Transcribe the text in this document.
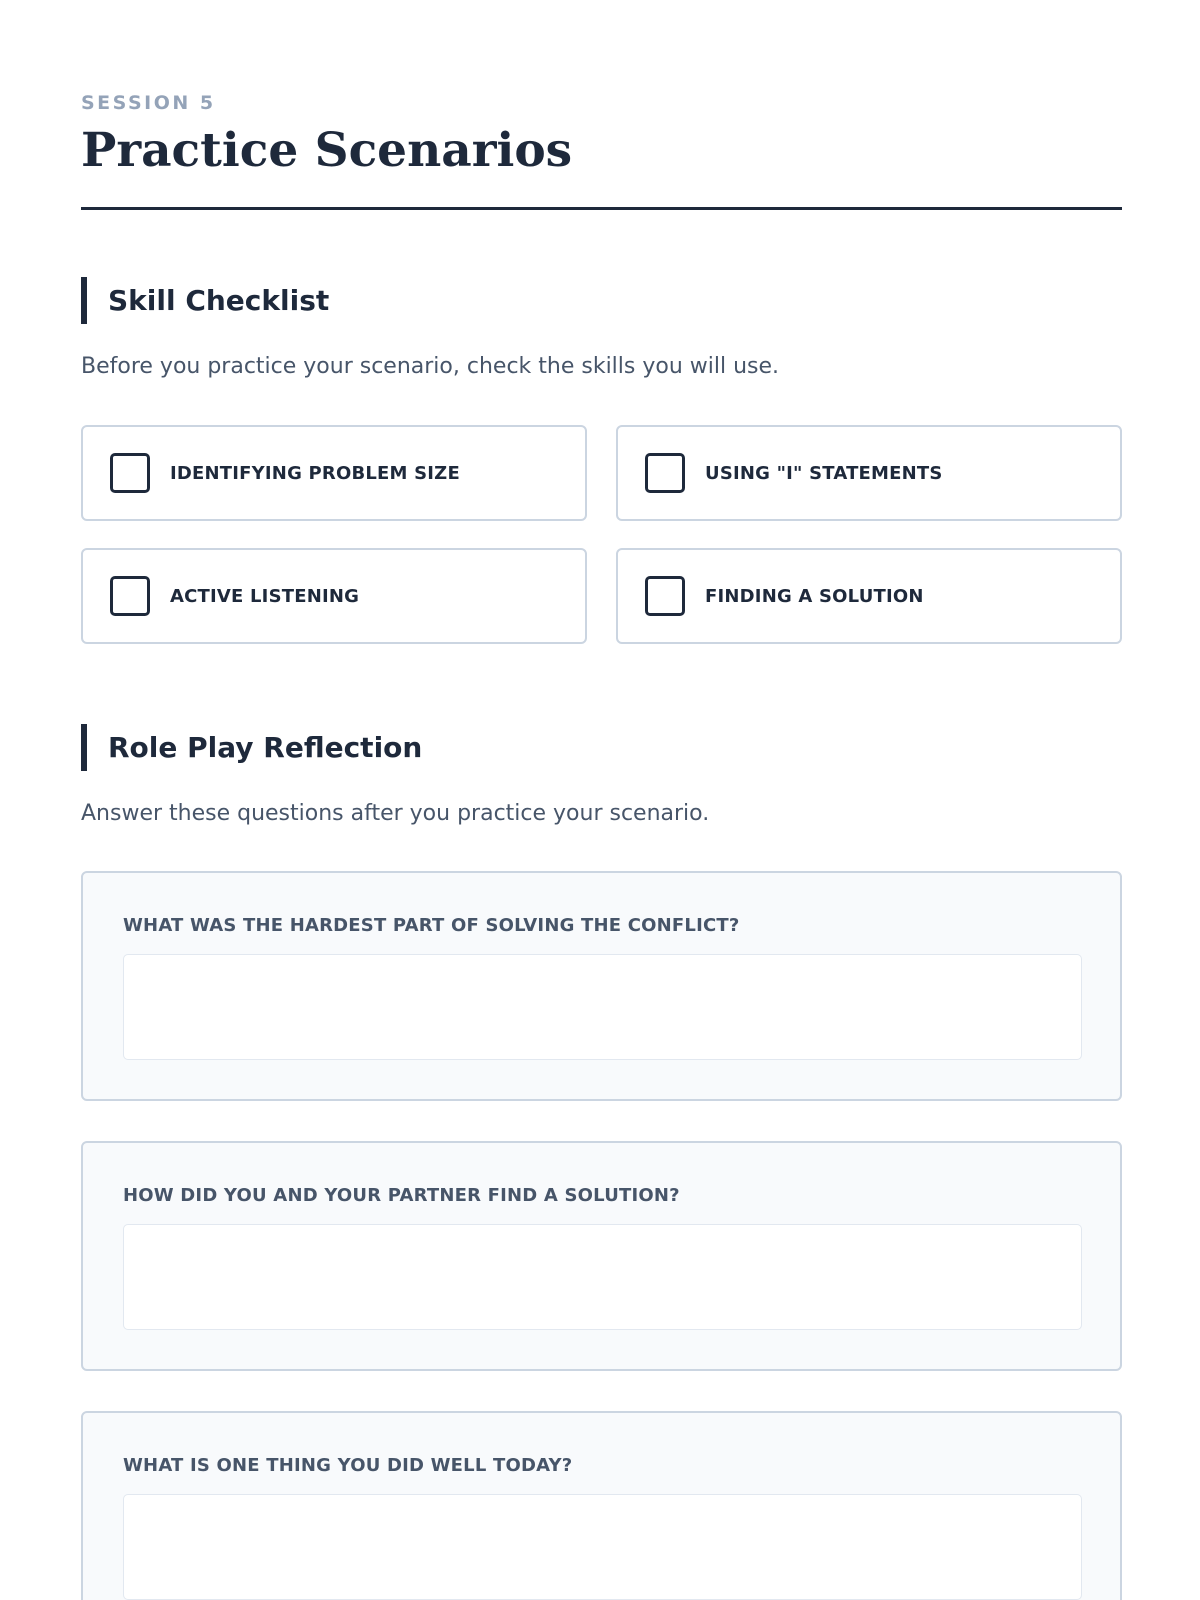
SESSION 5
Practice Scenarios
Skill Checklist

Before you practice your scenario, check the skills you will use.

IDENTIFYING PROBLEM SIZE	USING "I" STATEMENTS
ACTIVE LISTENING	FINDING A SOLUTION
Role Play Reflection

Answer these questions after you practice your scenario.

WHAT WAS THE HARDEST PART OF SOLVING THE CONFLICT?
HOW DID YOU AND YOUR PARTNER FIND A SOLUTION?
WHAT IS ONE THING YOU DID WELL TODAY?
